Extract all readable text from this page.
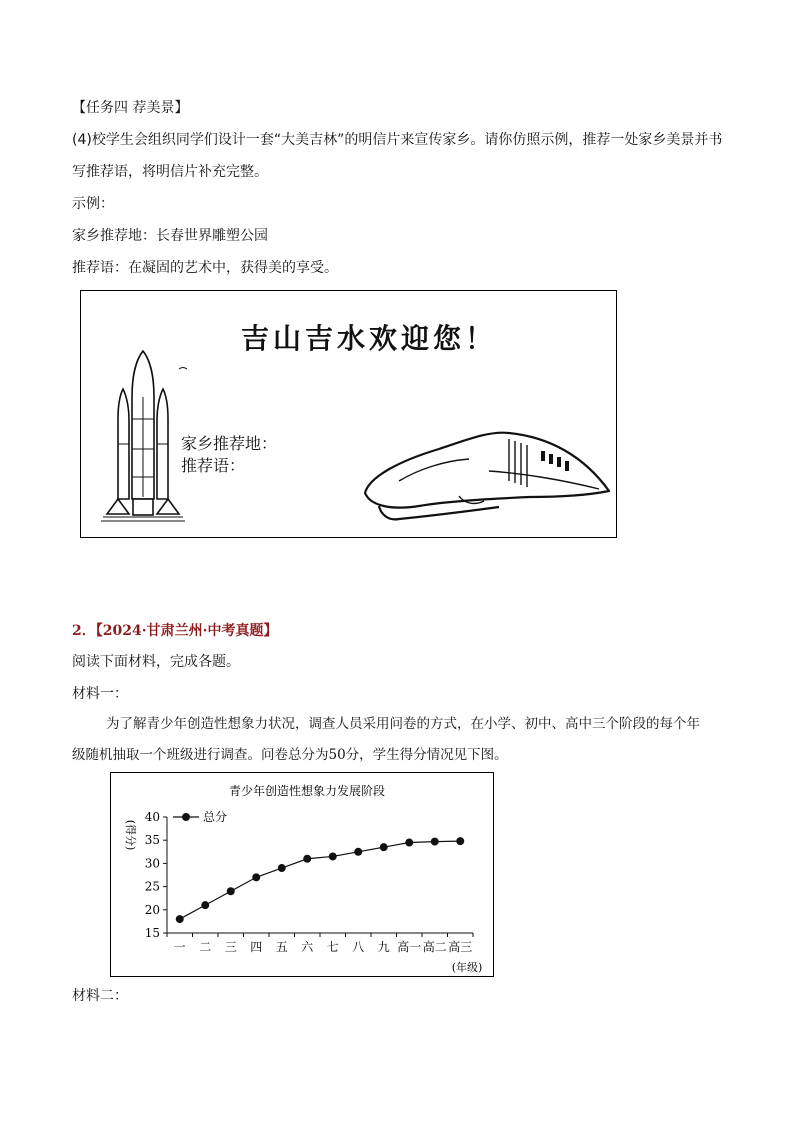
【任务四 荐美景】
(4)校学生会组织同学们设计一套“大美吉林”的明信片来宣传家乡。请你仿照示例，推荐一处家乡美景并书
写推荐语，将明信片补充完整。
示例：
家乡推荐地：长春世界雕塑公园
推荐语：在凝固的艺术中，获得美的享受。
吉山吉水欢迎您！
家乡推荐地：
推荐语：
2．【2024·甘肃兰州·中考真题】
阅读下面材料，完成各题。
材料一：
为了解青少年创造性想象力状况，调查人员采用问卷的方式，在小学、初中、高中三个阶段的每个年
级随机抽取一个班级进行调查。问卷总分为50分，学生得分情况见下图。
青少年创造性想象力发展阶段
(得分)
(年级)
15
20
25
30
35
40
一 二 三 四 五 六 七 八 九 高一 高二 高三
总分
材料二：
